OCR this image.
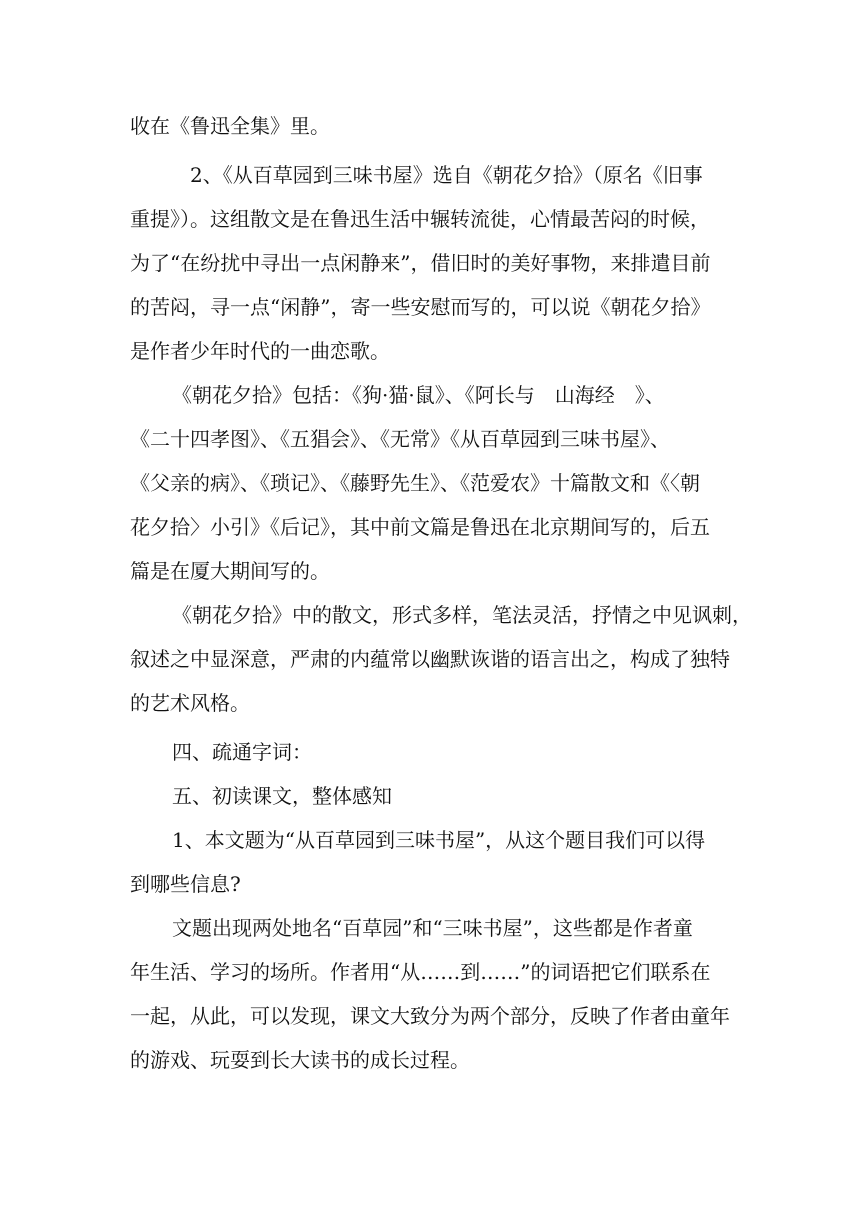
收在《鲁迅全集》里。
2、《从百草园到三味书屋》选自《朝花夕拾》（原名《旧事
重提》）。这组散文是在鲁迅生活中辗转流徙，心情最苦闷的时候，
为了“在纷扰中寻出一点闲静来”，借旧时的美好事物，来排遣目前
的苦闷，寻一点“闲静”，寄一些安慰而写的，可以说《朝花夕拾》
是作者少年时代的一曲恋歌。
《朝花夕拾》包括：《狗·猫·鼠》、《阿长与　山海经　》、
《二十四孝图》、《五猖会》、《无常》《从百草园到三味书屋》、
《父亲的病》、《琐记》、《藤野先生》、《范爱农》十篇散文和《〈朝
花夕拾〉小引》《后记》，其中前文篇是鲁迅在北京期间写的，后五
篇是在厦大期间写的。
《朝花夕拾》中的散文，形式多样，笔法灵活，抒情之中见讽刺，
叙述之中显深意，严肃的内蕴常以幽默诙谐的语言出之，构成了独特
的艺术风格。
四、疏通字词：
五、初读课文，整体感知
1、本文题为“从百草园到三味书屋”，从这个题目我们可以得
到哪些信息?
文题出现两处地名“百草园”和“三味书屋”，这些都是作者童
年生活、学习的场所。作者用“从……到……”的词语把它们联系在
一起，从此，可以发现，课文大致分为两个部分，反映了作者由童年
的游戏、玩耍到长大读书的成长过程。
